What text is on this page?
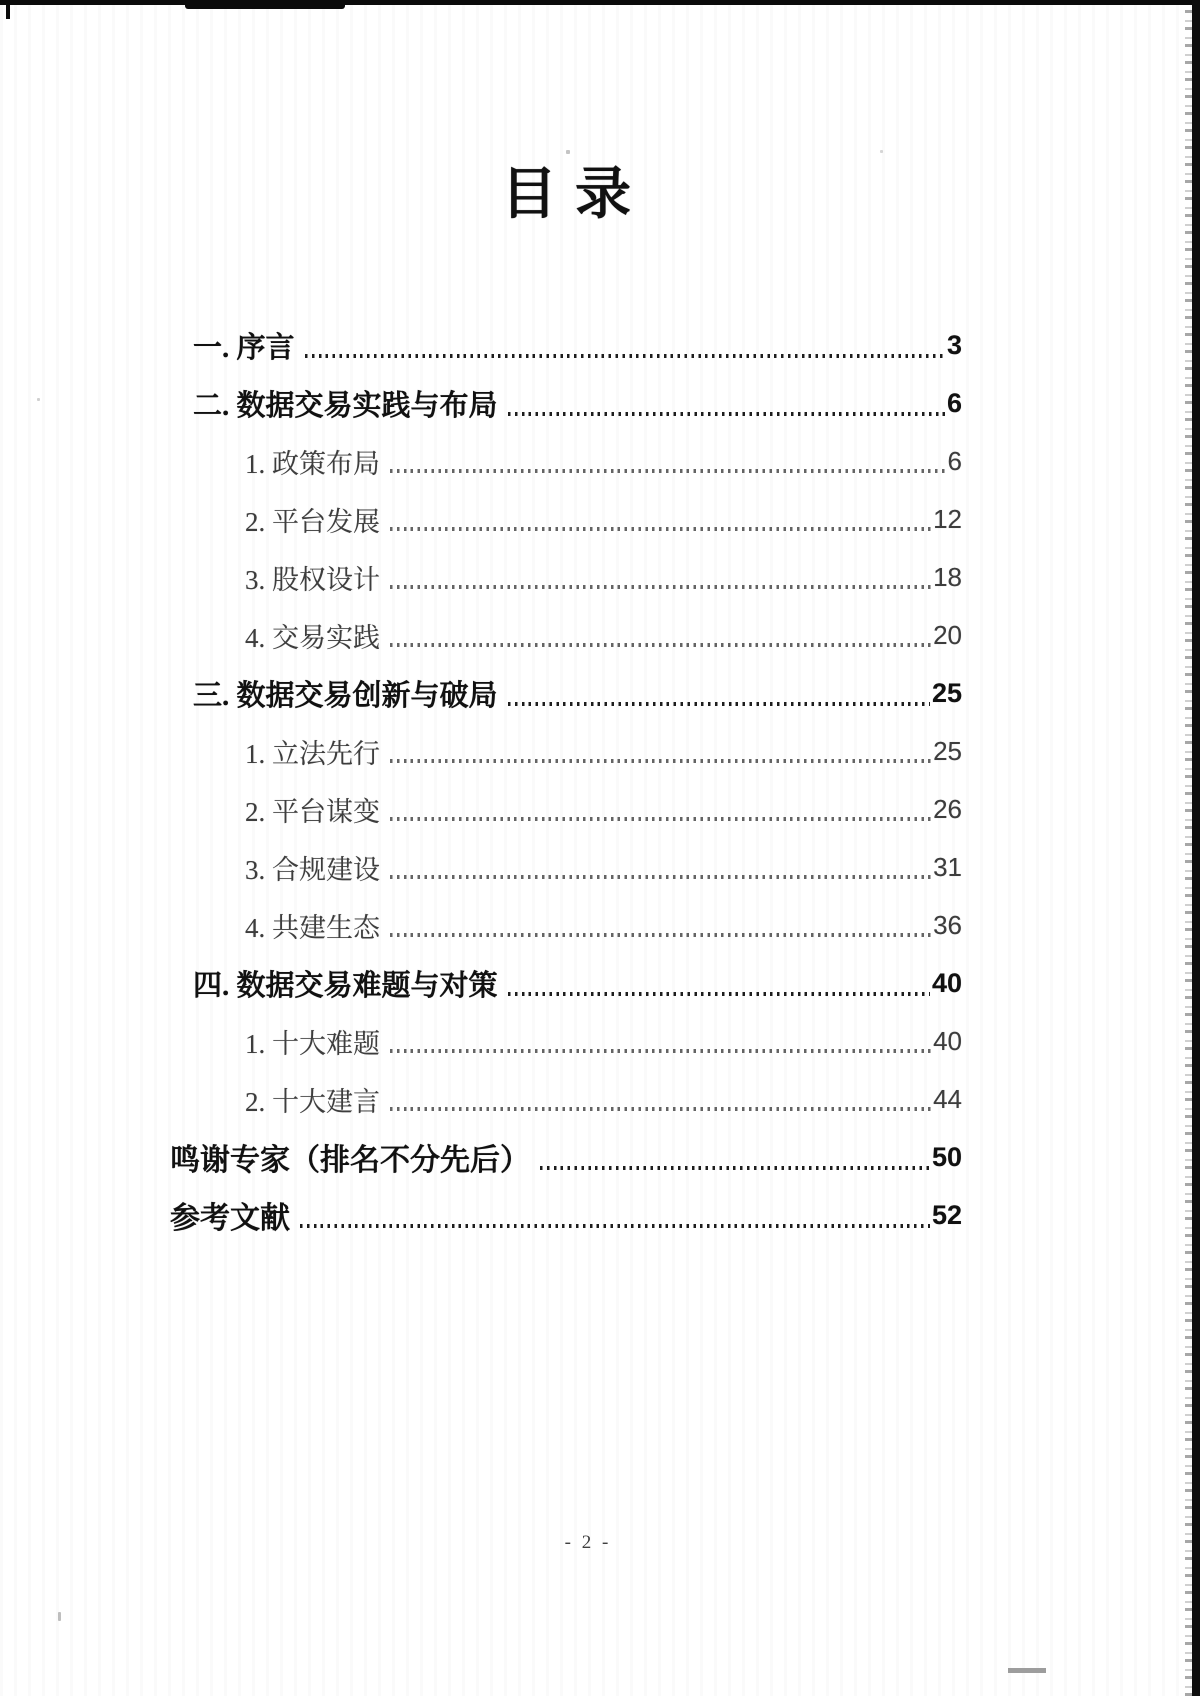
目录
一. 序言	3
二. 数据交易实践与布局	6
1. 政策布局	6
2. 平台发展	12
3. 股权设计	18
4. 交易实践	20
三. 数据交易创新与破局	25
1. 立法先行	25
2. 平台谋变	26
3. 合规建设	31
4. 共建生态	36
四. 数据交易难题与对策	40
1. 十大难题	40
2. 十大建言	44
鸣谢专家（排名不分先后）	50
参考文献	52
- 2 -
